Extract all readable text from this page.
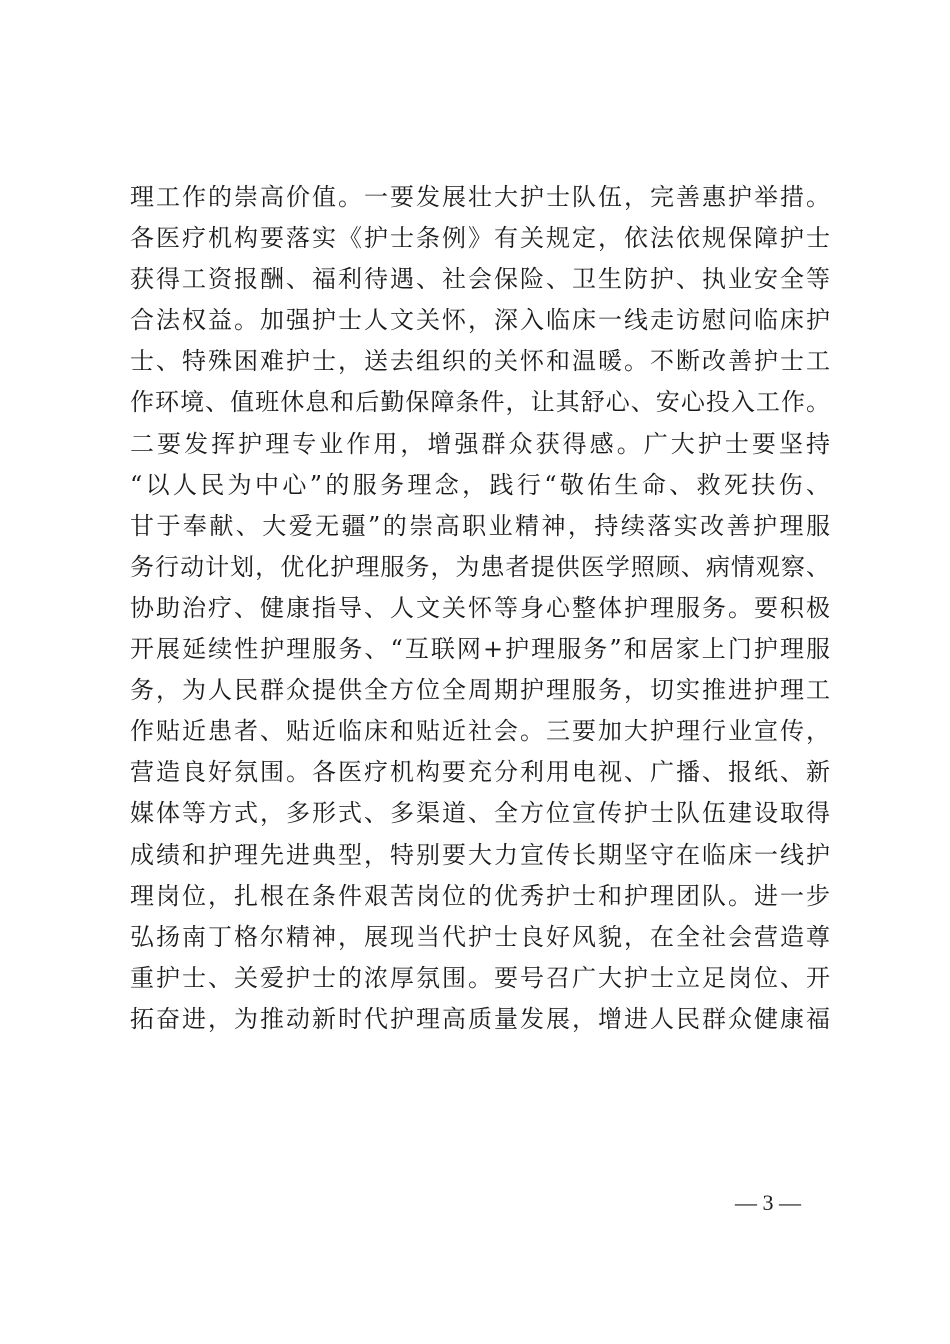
理工作的崇高价值。一要发展壮大护士队伍，完善惠护举措。
各医疗机构要落实《护士条例》有关规定，依法依规保障护士
获得工资报酬、福利待遇、社会保险、卫生防护、执业安全等
合法权益。加强护士人文关怀，深入临床一线走访慰问临床护
士、特殊困难护士，送去组织的关怀和温暖。不断改善护士工
作环境、值班休息和后勤保障条件，让其舒心、安心投入工作。
二要发挥护理专业作用，增强群众获得感。广大护士要坚持
“以人民为中心”的服务理念，践行“敬佑生命、救死扶伤、
甘于奉献、大爱无疆”的崇高职业精神，持续落实改善护理服
务行动计划，优化护理服务，为患者提供医学照顾、病情观察、
协助治疗、健康指导、人文关怀等身心整体护理服务。要积极
开展延续性护理服务、“互联网+护理服务”和居家上门护理服
务，为人民群众提供全方位全周期护理服务，切实推进护理工
作贴近患者、贴近临床和贴近社会。三要加大护理行业宣传，
营造良好氛围。各医疗机构要充分利用电视、广播、报纸、新
媒体等方式，多形式、多渠道、全方位宣传护士队伍建设取得
成绩和护理先进典型，特别要大力宣传长期坚守在临床一线护
理岗位，扎根在条件艰苦岗位的优秀护士和护理团队。进一步
弘扬南丁格尔精神，展现当代护士良好风貌，在全社会营造尊
重护士、关爱护士的浓厚氛围。要号召广大护士立足岗位、开
拓奋进，为推动新时代护理高质量发展，增进人民群众健康福
— 3 —
